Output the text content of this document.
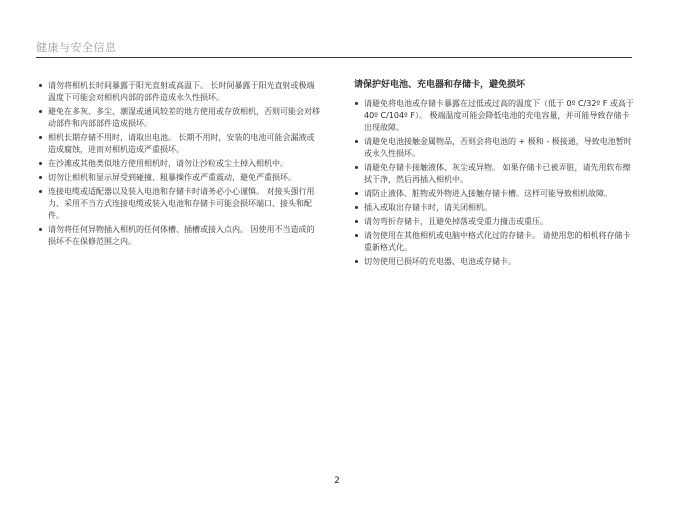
健康与安全信息
请勿将相机长时间暴露于阳光直射或高温下。 长时间暴露于阳光直射或极端温度下可能会对相机内部的部件造成永久性损坏。
避免在多灰、多尘、潮湿或通风较差的地方使用或存放相机，否则可能会对移动部件和内部部件造成损坏。
相机长期存储不用时，请取出电池。 长期不用时，安装的电池可能会漏液或造成腐蚀，进而对相机造成严重损坏。
在沙滩或其他类似地方使用相机时，请勿让沙粒或尘土掉入相机中。
切勿让相机和显示屏受到碰撞、粗暴操作或严重震动，避免严重损坏。
连接电缆或适配器以及装入电池和存储卡时请务必小心谨慎。 对接头强行用力、采用不当方式连接电缆或装入电池和存储卡可能会损坏端口、接头和配件。
请勿将任何异物插入相机的任何体槽、插槽或接入点内。 因使用不当造成的损坏不在保修范围之内。
请保护好电池、充电器和存储卡，避免损坏
请避免将电池或存储卡暴露在过低或过高的温度下（低于 0º C/32º F 或高于 40º C/104º F）。 极端温度可能会降低电池的充电容量，并可能导致存储卡出现故障。
请避免电池接触金属物品，否则会将电池的 + 极和 - 极接通，导致电池暂时或永久性损坏。
请避免存储卡接触液体、灰尘或异物。 如果存储卡已被弄脏，请先用软布擦拭干净，然后再插入相机中。
请防止液体、脏物或外物进入接触存储卡槽。这样可能导致相机故障。
插入或取出存储卡时，请关闭相机。
请勿弯折存储卡，且避免掉落或受重力撞击或重压。
请勿使用在其他相机或电脑中格式化过的存储卡。 请使用您的相机将存储卡重新格式化。
切勿使用已损坏的充电器、电池或存储卡。
2
